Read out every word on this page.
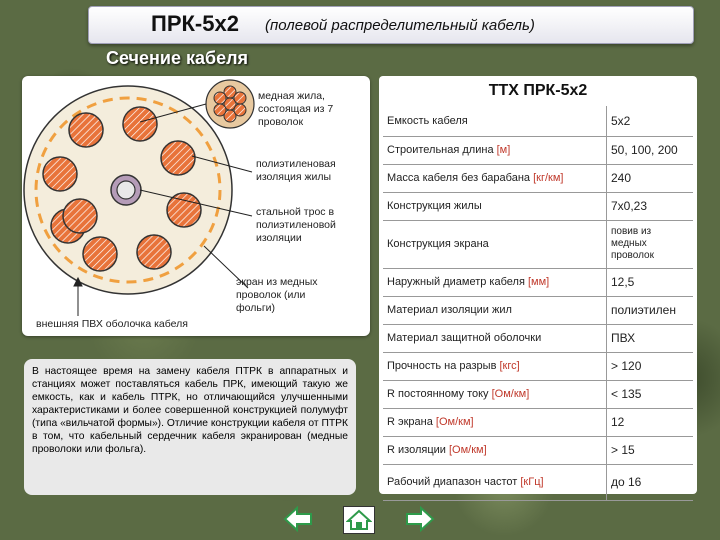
ПРК-5х2 (полевой распределительный кабель)
Сечение кабеля
медная жила, состоящая из 7 проволок
полиэтиленовая изоляция жилы
стальной трос в полиэтиленовой изоляции
экран из медных проволок (или фольги)
внешняя ПВХ оболочка кабеля
В настоящее время на замену кабеля ПТРК в аппаратных и станциях может поставляться кабель ПРК, имеющий такую же емкость, как и кабель ПТРК, но отличающийся улучшенными характеристиками и более совершенной конструкцией полумуфт (типа «вильчатой формы»). Отличие конструкции кабеля от ПТРК в том, что кабельный сердечник кабеля экранирован (медные проволоки или фольга).
ТТХ ПРК-5х2
Емкость кабеля	5х2
Строительная длина [м]	50, 100, 200
Масса кабеля без барабана [кг/км]	240
Конструкция жилы	7х0,23
Конструкция экрана	повив из медных проволок
Наружный диаметр кабеля [мм]	12,5
Материал изоляции жил	полиэтилен
Материал защитной оболочки	ПВХ
Прочность на разрыв [кгс]	> 120
R постоянному току [Ом/км]	< 135
R экрана [Ом/км]	12
R изоляции [Ом/км]	> 15
Рабочий диапазон частот [кГц]	до 16
